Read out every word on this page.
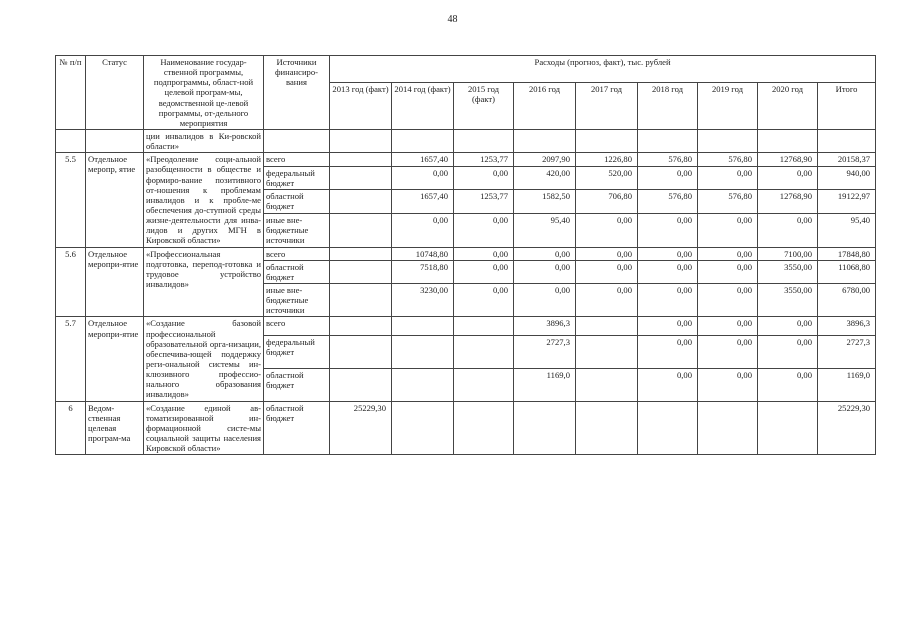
48
№ п/п	Статус	Наименование государ-ственной программы, подпрограммы, област-ной целевой програм-мы, ведомственной це-левой программы, от-дельного мероприятия	Источники финансиро-вания	Расходы (прогноз, факт), тыс. рублей								
				2013 год (факт)	2014 год (факт)	2015 год (факт)	2016 год	2017 год	2018 год	2019 год	2020 год	Итого
		ции инвалидов в Ки-ровской области»										
5.5	Отдельное меропр, ятие	«Преодоление соци-альной разобщенности в обществе и формиро-вание позитивного от-ношения к проблемам инвалидов и к пробле-ме обеспечения до-ступной среды жизне-деятельности для инва-лидов и других МГН в Кировской области»	всего		1657,40	1253,77	2097,90	1226,80	576,80	576,80	12768,90	20158,37
			федеральный бюджет		0,00	0,00	420,00	520,00	0,00	0,00	0,00	940,00
			областной бюджет		1657,40	1253,77	1582,50	706,80	576,80	576,80	12768,90	19122,97
			иные вне-бюджетные источники		0,00	0,00	95,40	0,00	0,00	0,00	0,00	95,40
5.6	Отдельное меропри-ятие	«Профессиональная подготовка, перепод-готовка и трудовое устройство инвалидов»	всего		10748,80	0,00	0,00	0,00	0,00	0,00	7100,00	17848,80
			областной бюджет		7518,80	0,00	0,00	0,00	0,00	0,00	3550,00	11068,80
			иные вне-бюджетные источники		3230,00	0,00	0,00	0,00	0,00	0,00	3550,00	6780,00
5.7	Отдельное меропри-ятие	«Создание базовой профессиональной образовательной орга-низации, обеспечива-ющей поддержку реги-ональной системы ин-клюзивного профессио-нального образования инвалидов»	всего				3896,3		0,00	0,00	0,00	3896,3
			федеральный бюджет				2727,3		0,00	0,00	0,00	2727,3
			областной бюджет				1169,0		0,00	0,00	0,00	1169,0
6	Ведом-ственная целевая програм-ма	«Создание единой ав-томатизированной ин-формационной систе-мы социальной защиты населения Кировской области»	областной бюджет	25229,30								25229,30
